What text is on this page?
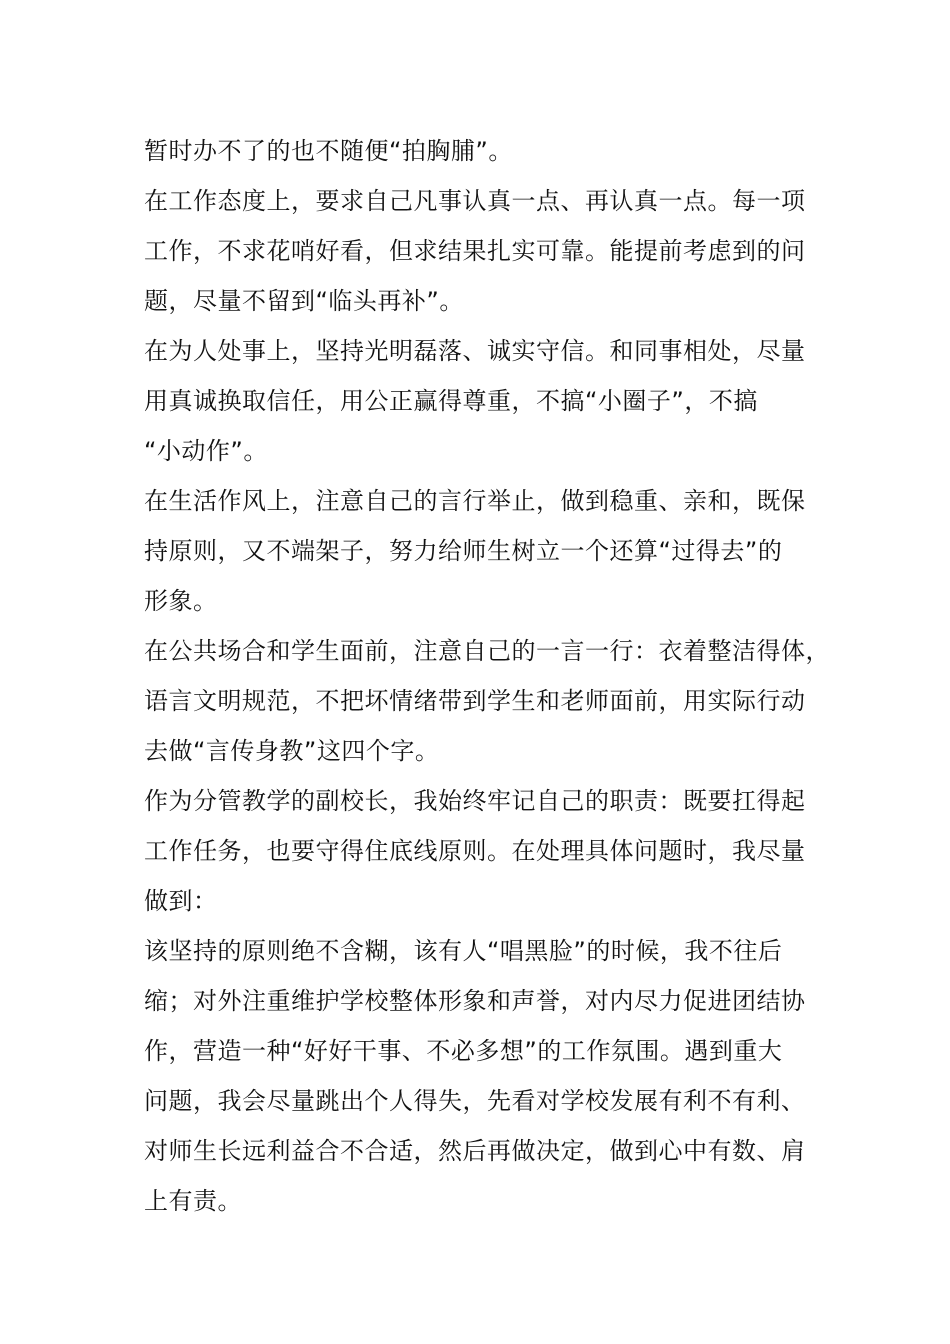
暂时办不了的也不随便“拍胸脯”。
在工作态度上，要求自己凡事认真一点、再认真一点。每一项
工作，不求花哨好看，但求结果扎实可靠。能提前考虑到的问
题，尽量不留到“临头再补”。
在为人处事上，坚持光明磊落、诚实守信。和同事相处，尽量
用真诚换取信任，用公正赢得尊重，不搞“小圈子”，不搞
“小动作”。
在生活作风上，注意自己的言行举止，做到稳重、亲和，既保
持原则，又不端架子，努力给师生树立一个还算“过得去”的
形象。
在公共场合和学生面前，注意自己的一言一行：衣着整洁得体，
语言文明规范，不把坏情绪带到学生和老师面前，用实际行动
去做“言传身教”这四个字。
作为分管教学的副校长，我始终牢记自己的职责：既要扛得起
工作任务，也要守得住底线原则。在处理具体问题时，我尽量
做到：
该坚持的原则绝不含糊，该有人“唱黑脸”的时候，我不往后
缩；对外注重维护学校整体形象和声誉，对内尽力促进团结协
作，营造一种“好好干事、不必多想”的工作氛围。遇到重大
问题，我会尽量跳出个人得失，先看对学校发展有利不有利、
对师生长远利益合不合适，然后再做决定，做到心中有数、肩
上有责。
